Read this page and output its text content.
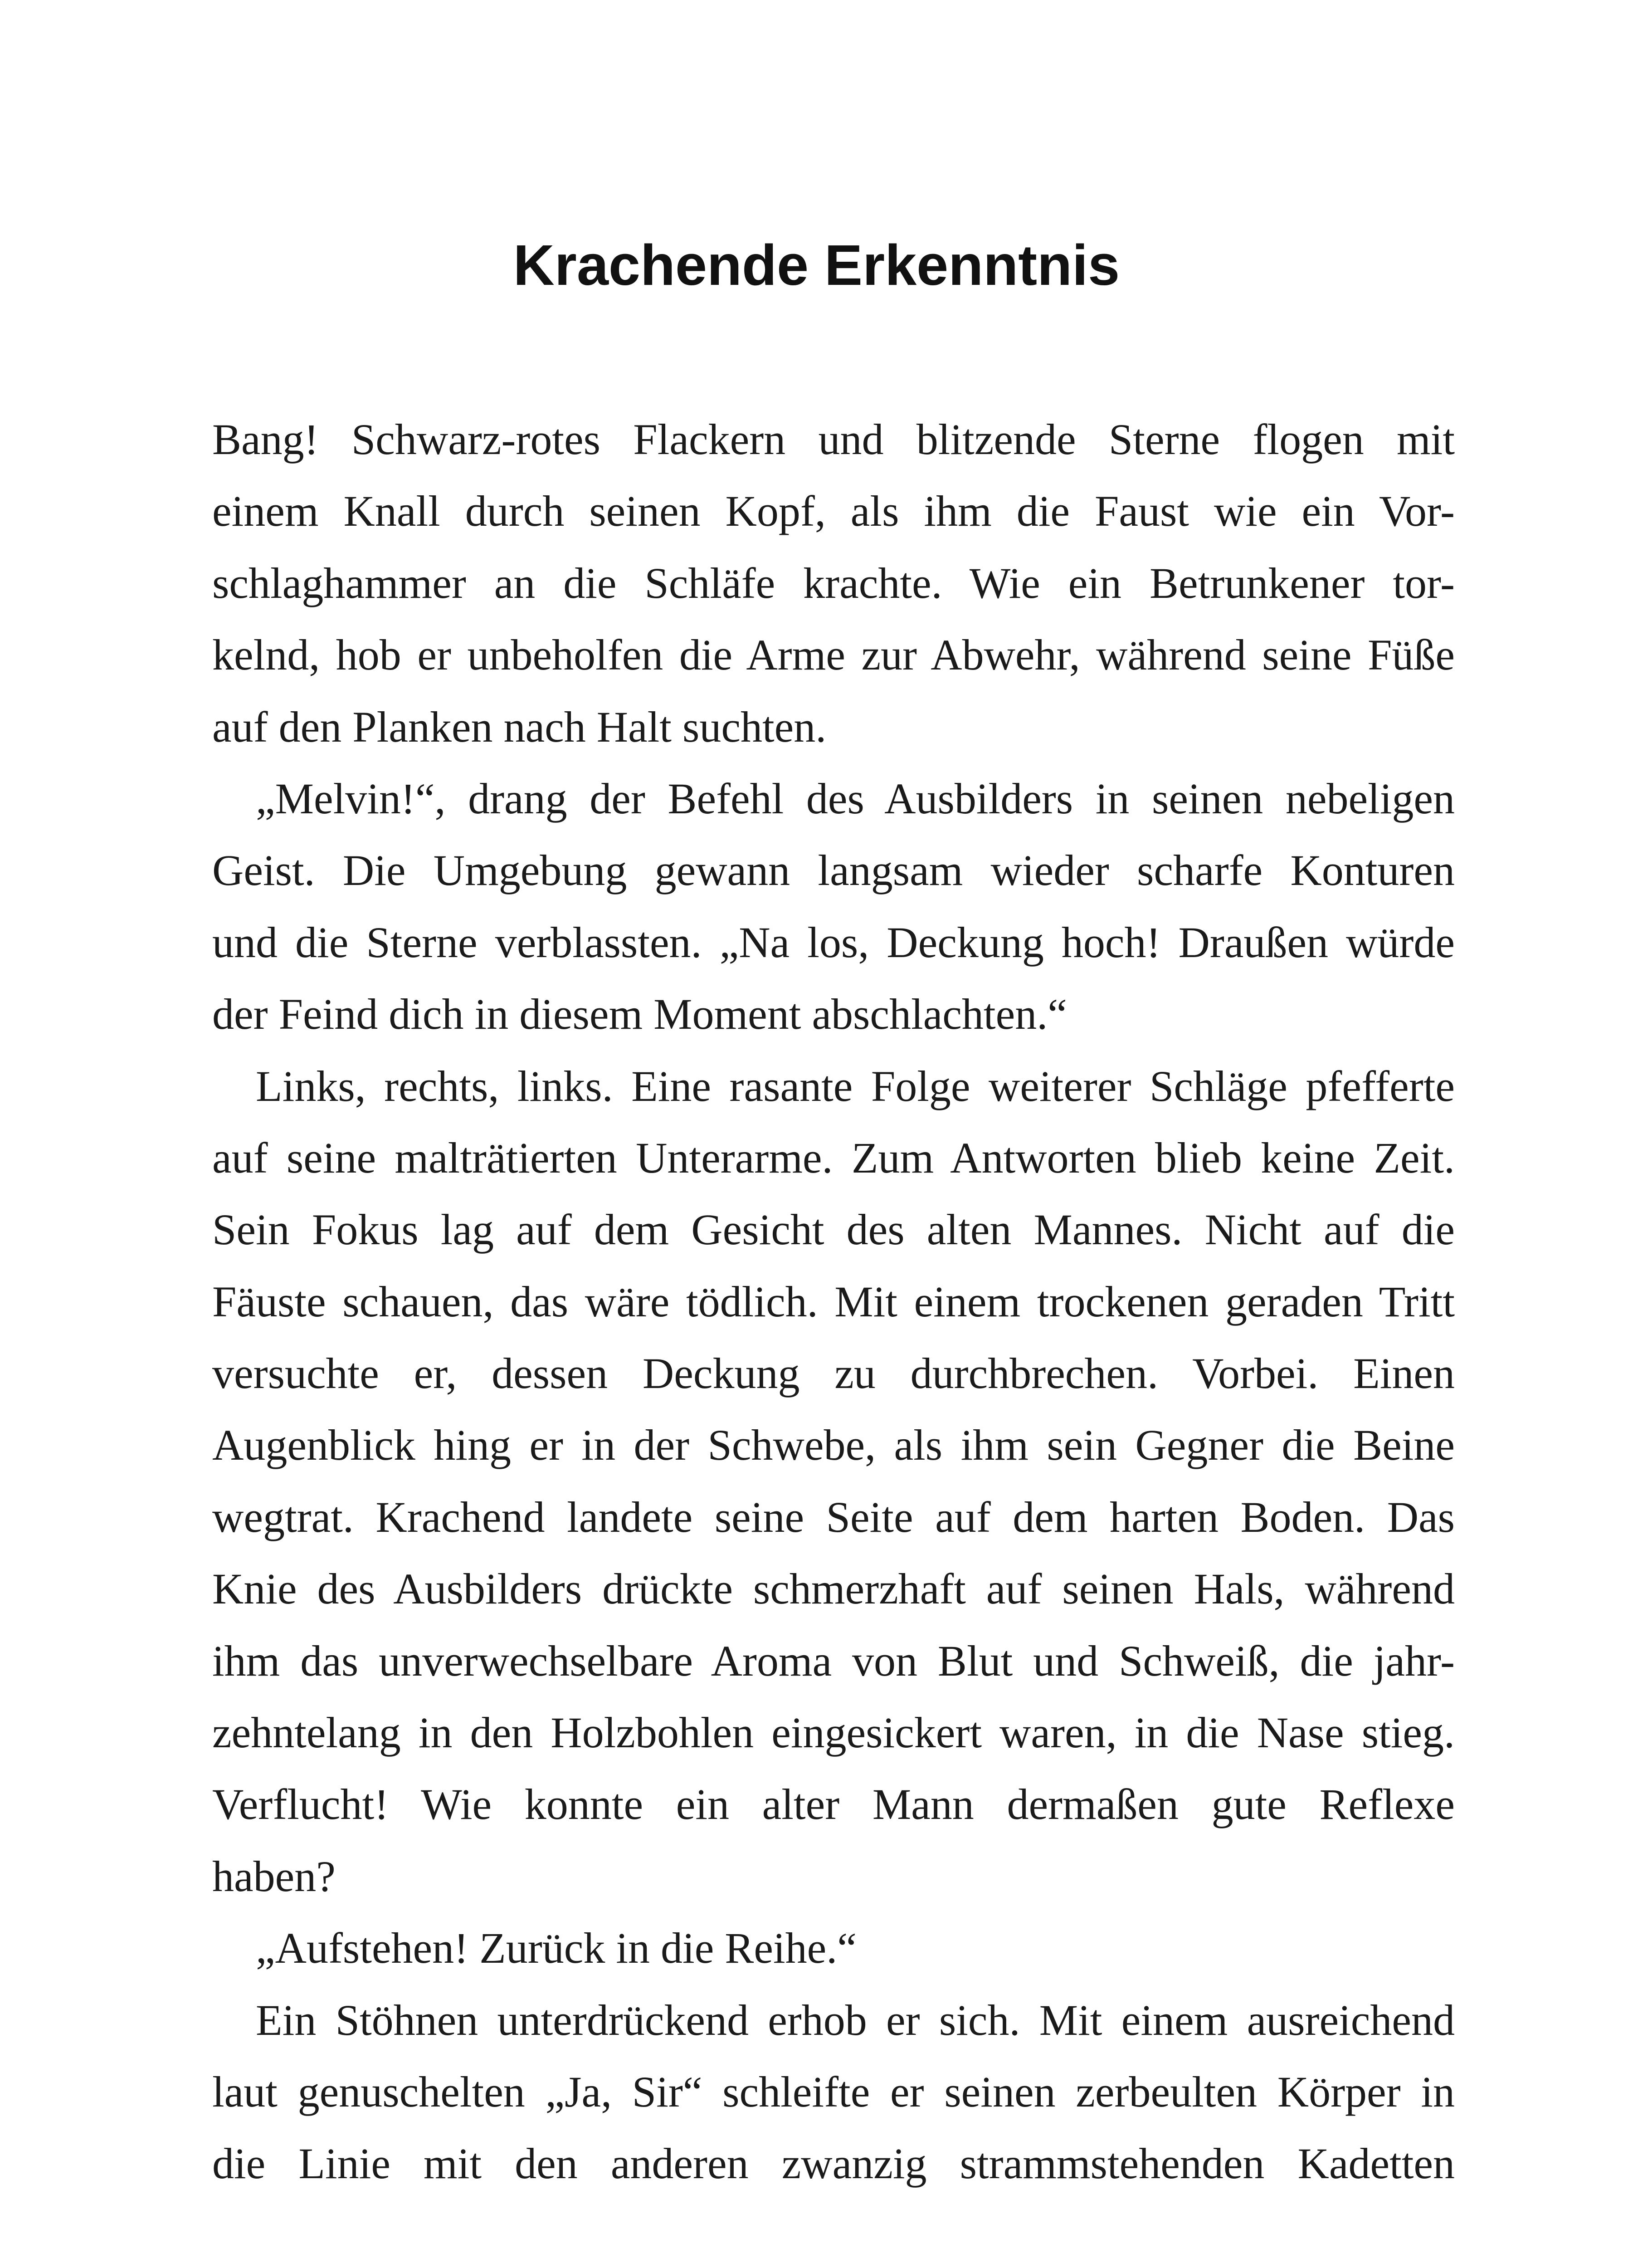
Krachende Erkenntnis
Bang! Schwarz-rotes Flackern und blitzende Sterne flogen mit
einem Knall durch seinen Kopf, als ihm die Faust wie ein Vor-
schlaghammer an die Schläfe krachte. Wie ein Betrunkener tor-
kelnd, hob er unbeholfen die Arme zur Abwehr, während seine Füße
auf den Planken nach Halt suchten.
„Melvin!“, drang der Befehl des Ausbilders in seinen nebeligen
Geist. Die Umgebung gewann langsam wieder scharfe Konturen
und die Sterne verblassten. „Na los, Deckung hoch! Draußen würde
der Feind dich in diesem Moment abschlachten.“
Links, rechts, links. Eine rasante Folge weiterer Schläge pfefferte
auf seine malträtierten Unterarme. Zum Antworten blieb keine Zeit.
Sein Fokus lag auf dem Gesicht des alten Mannes. Nicht auf die
Fäuste schauen, das wäre tödlich. Mit einem trockenen geraden Tritt
versuchte er, dessen Deckung zu durchbrechen. Vorbei. Einen
Augenblick hing er in der Schwebe, als ihm sein Gegner die Beine
wegtrat. Krachend landete seine Seite auf dem harten Boden. Das
Knie des Ausbilders drückte schmerzhaft auf seinen Hals, während
ihm das unverwechselbare Aroma von Blut und Schweiß, die jahr-
zehntelang in den Holzbohlen eingesickert waren, in die Nase stieg.
Verflucht! Wie konnte ein alter Mann dermaßen gute Reflexe
haben?
„Aufstehen! Zurück in die Reihe.“
Ein Stöhnen unterdrückend erhob er sich. Mit einem ausreichend
laut genuschelten „Ja, Sir“ schleifte er seinen zerbeulten Körper in
die Linie mit den anderen zwanzig strammstehenden Kadetten
